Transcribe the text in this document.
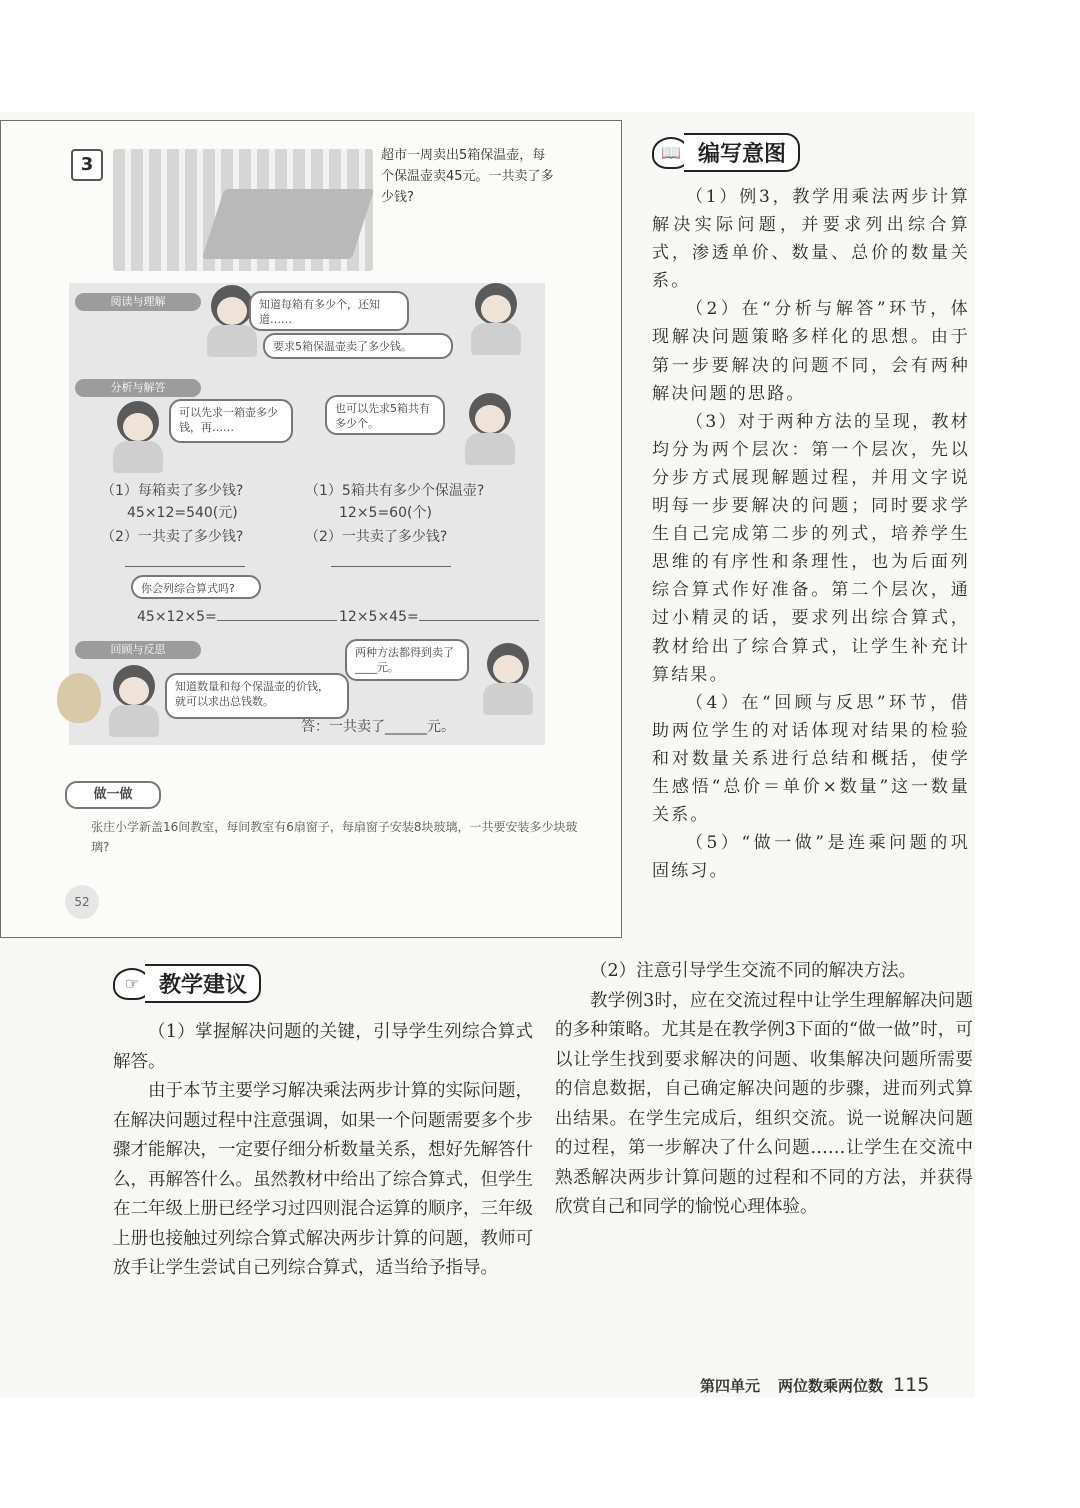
3	超市一周卖出5箱保温壶，每个保温壶卖45元。一共卖了多少钱?
阅读与理解	知道每箱有多少个，还知道……
要求5箱保温壶卖了多少钱。
分析与解答
可以先求一箱壶多少钱，再……
也可以先求5箱共有多少个。
（1）每箱卖了多少钱?
45×12=540(元)
（2）一共卖了多少钱?
（1）5箱共有多少个保温壶?
12×5=60(个)
（2）一共卖了多少钱?
你会列综合算式吗?
45×12×5=	12×5×45=
回顾与反思
知道数量和每个保温壶的价钱，就可以求出总钱数。
两种方法都得到卖了____元。
答：一共卖了______元。
做一做
张庄小学新盖16间教室，每间教室有6扇窗子，每扇窗子安装8块玻璃，一共要安装多少块玻璃?
52
📖 编写意图

（1）例3，教学用乘法两步计算解决实际问题，并要求列出综合算式，渗透单价、数量、总价的数量关系。

（2）在“分析与解答”环节，体现解决问题策略多样化的思想。由于第一步要解决的问题不同，会有两种解决问题的思路。

（3）对于两种方法的呈现，教材均分为两个层次：第一个层次，先以分步方式展现解题过程，并用文字说明每一步要解决的问题；同时要求学生自己完成第二步的列式，培养学生思维的有序性和条理性，也为后面列综合算式作好准备。第二个层次，通过小精灵的话，要求列出综合算式，教材给出了综合算式，让学生补充计算结果。

（4）在“回顾与反思”环节，借助两位学生的对话体现对结果的检验和对数量关系进行总结和概括，使学生感悟“总价＝单价×数量”这一数量关系。

（5）“做一做”是连乘问题的巩固练习。

☞ 教学建议

（1）掌握解决问题的关键，引导学生列综合算式解答。

由于本节主要学习解决乘法两步计算的实际问题，在解决问题过程中注意强调，如果一个问题需要多个步骤才能解决，一定要仔细分析数量关系，想好先解答什么，再解答什么。虽然教材中给出了综合算式，但学生在二年级上册已经学习过四则混合运算的顺序，三年级上册也接触过列综合算式解决两步计算的问题，教师可放手让学生尝试自己列综合算式，适当给予指导。

（2）注意引导学生交流不同的解决方法。

教学例3时，应在交流过程中让学生理解解决问题的多种策略。尤其是在教学例3下面的“做一做”时，可以让学生找到要求解决的问题、收集解决问题所需要的信息数据，自己确定解决问题的步骤，进而列式算出结果。在学生完成后，组织交流。说一说解决问题的过程，第一步解决了什么问题……让学生在交流中熟悉解决两步计算问题的过程和不同的方法，并获得欣赏自己和同学的愉悦心理体验。

第四单元 两位数乘两位数 115
